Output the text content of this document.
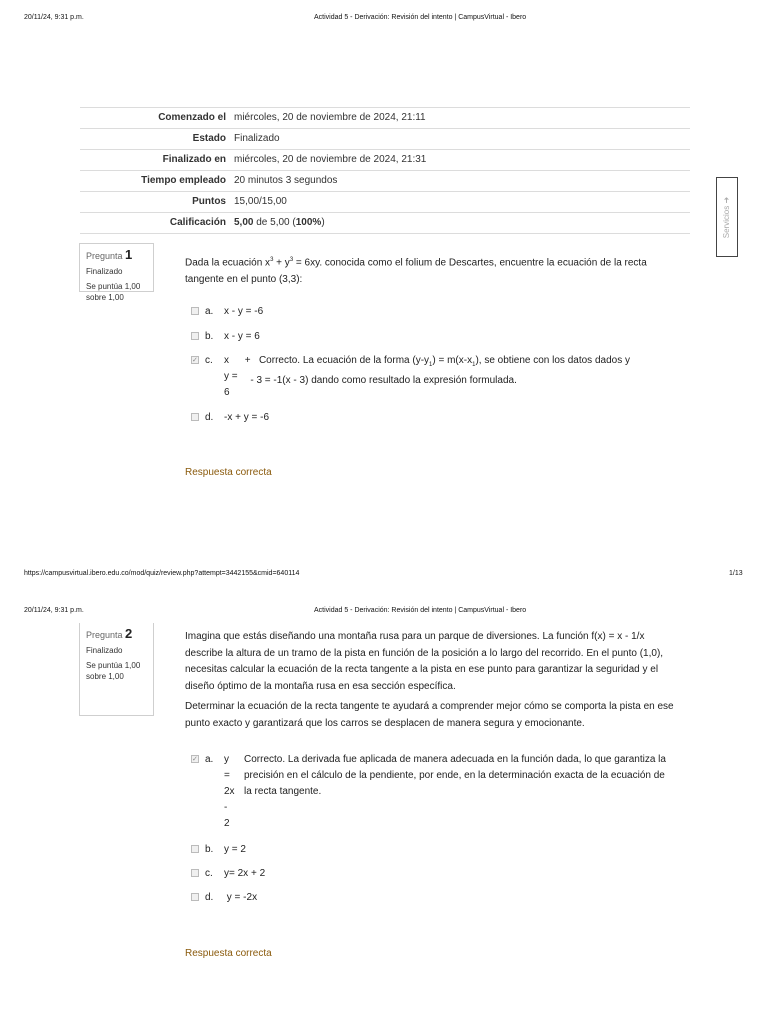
20/11/24, 9:31 p.m.	Actividad 5 - Derivación: Revisión del intento | CampusVirtual - Ibero
Comenzado el	miércoles, 20 de noviembre de 2024, 21:11
Estado	Finalizado
Finalizado en	miércoles, 20 de noviembre de 2024, 21:31
Tiempo empleado	20 minutos 3 segundos
Puntos	15,00/15,00
Calificación	5,00 de 5,00 (100%)	Servicios ➜
Pregunta 1
Finalizado
Se puntúa 1,00 sobre 1,00

Dada la ecuación $x^3 + y^3 = 6xy$. conocida como el folium de Descartes, encuentre la ecuación de la recta tangente en el punto (3,3):

a.	x - y = -6
b.	x - y = 6
✓
c.	x
y =
6
+   Correcto. La ecuación de la forma $(y-y_1) = m(x-x_1)$, se obtiene con los datos dados y
- 3 = -1(x - 3) dando como resultado la expresión formulada.
d.	-x + y = -6
Respuesta correcta
https://campusvirtual.ibero.edu.co/mod/quiz/review.php?attempt=3442155&cmid=640114	1/13
20/11/24, 9:31 p.m.	Actividad 5 - Derivación: Revisión del intento | CampusVirtual - Ibero
Pregunta 2
Finalizado
Se puntúa 1,00 sobre 1,00

Imagina que estás diseñando una montaña rusa para un parque de diversiones. La función f(x) = x - 1/x describe la altura de un tramo de la pista en función de la posición a lo largo del recorrido. En el punto (1,0), necesitas calcular la ecuación de la recta tangente a la pista en ese punto para garantizar la seguridad y el diseño óptimo de la montaña rusa en esa sección específica.

Determinar la ecuación de la recta tangente te ayudará a comprender mejor cómo se comporta la pista en ese punto exacto y garantizará que los carros se desplacen de manera segura y emocionante.

✓
a.	y
=
2x
-
2
Correcto. La derivada fue aplicada de manera adecuada en la función dada, lo que garantiza la precisión en el cálculo de la pendiente, por ende, en la determinación exacta de la ecuación de la recta tangente.
b.	y = 2
c.	y= 2x + 2
d.	y = -2x
Respuesta correcta
